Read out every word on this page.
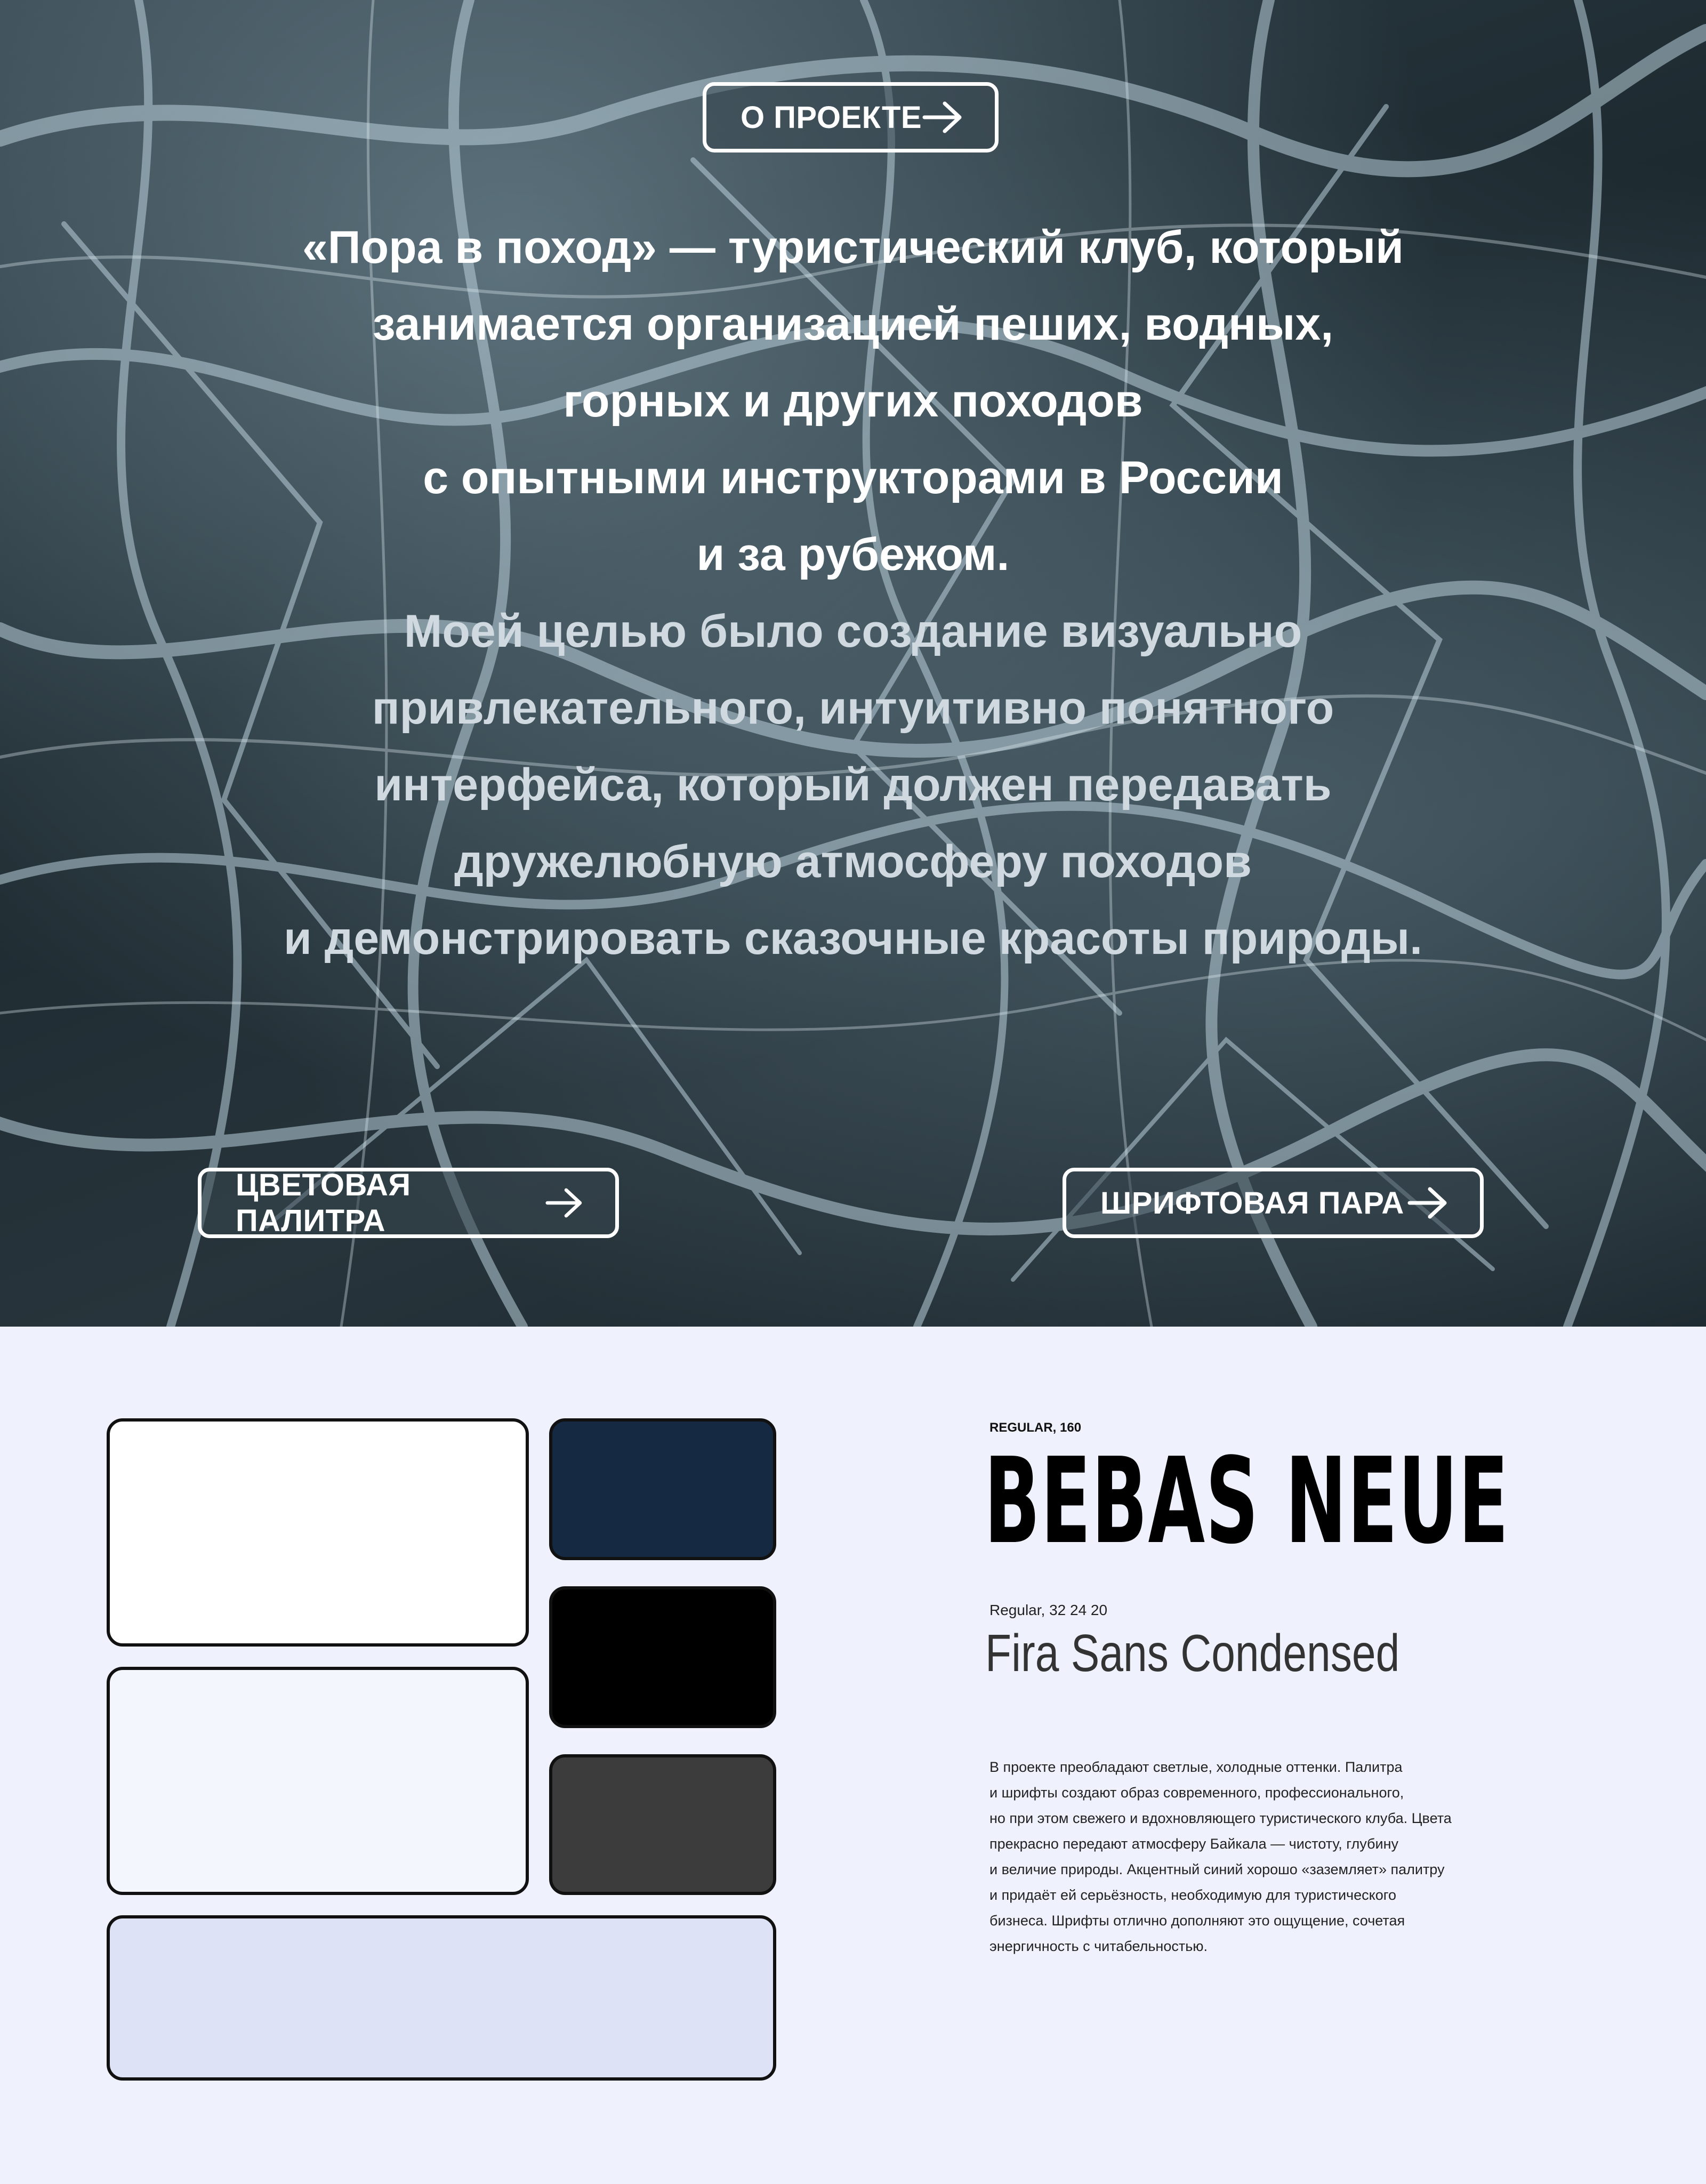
О ПРОЕКТЕ
«Пора в поход» — туристический клуб, который
занимается организацией пеших, водных,
горных и других походов
с опытными инструкторами в России
и за рубежом.
Моей целью было создание визуально
привлекательного, интуитивно понятного
интерфейса, который должен передавать
дружелюбную атмосферу походов
и демонстрировать сказочные красоты природы.
ЦВЕТОВАЯ ПАЛИТРА
ШРИФТОВАЯ ПАРА
REGULAR, 160
BEBAS NEUE
Regular, 32 24 20
Fira Sans Condensed
В проекте преобладают светлые, холодные оттенки. Палитра
и шрифты создают образ современного, профессионального,
но при этом свежего и вдохновляющего туристического клуба. Цвета
прекрасно передают атмосферу Байкала — чистоту, глубину
и величие природы. Акцентный синий хорошо «заземляет» палитру
и придаёт ей серьёзность, необходимую для туристического
бизнеса. Шрифты отлично дополняют это ощущение, сочетая
энергичность с читабельностью.
